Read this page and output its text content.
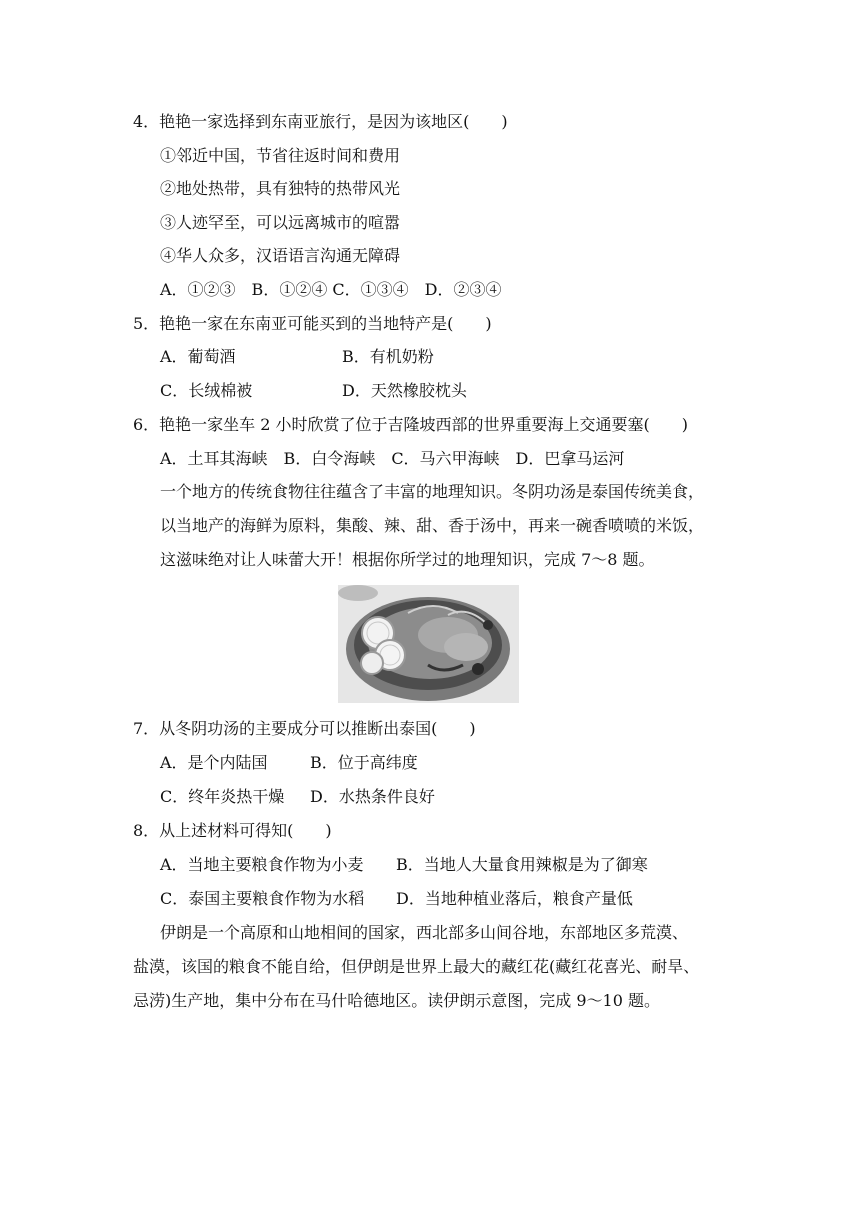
4．艳艳一家选择到东南亚旅行，是因为该地区(　　)
①邻近中国，节省往返时间和费用
②地处热带，具有独特的热带风光
③人迹罕至，可以远离城市的喧嚣
④华人众多，汉语语言沟通无障碍
A．①②③　B．①②④ C．①③④　D．②③④
5．艳艳一家在东南亚可能买到的当地特产是(　　)
A．葡萄酒	B．有机奶粉
C．长绒棉被	D．天然橡胶枕头
6．艳艳一家坐车 2 小时欣赏了位于吉隆坡西部的世界重要海上交通要塞(　　)
A．土耳其海峡　B．白令海峡　C．马六甲海峡　D．巴拿马运河
一个地方的传统食物往往蕴含了丰富的地理知识。冬阴功汤是泰国传统美食，
以当地产的海鲜为原料，集酸、辣、甜、香于汤中，再来一碗香喷喷的米饭，
这滋味绝对让人味蕾大开！根据你所学过的地理知识，完成 7～8 题。
7．从冬阴功汤的主要成分可以推断出泰国(　　)
A．是个内陆国	B．位于高纬度
C．终年炎热干燥 D．水热条件良好
8．从上述材料可得知(　　)
A．当地主要粮食作物为小麦 B．当地人大量食用辣椒是为了御寒
C．泰国主要粮食作物为水稻 D．当地种植业落后，粮食产量低
伊朗是一个高原和山地相间的国家，西北部多山间谷地，东部地区多荒漠、
盐漠，该国的粮食不能自给，但伊朗是世界上最大的藏红花(藏红花喜光、耐旱、
忌涝)生产地，集中分布在马什哈德地区。读伊朗示意图，完成 9～10 题。
